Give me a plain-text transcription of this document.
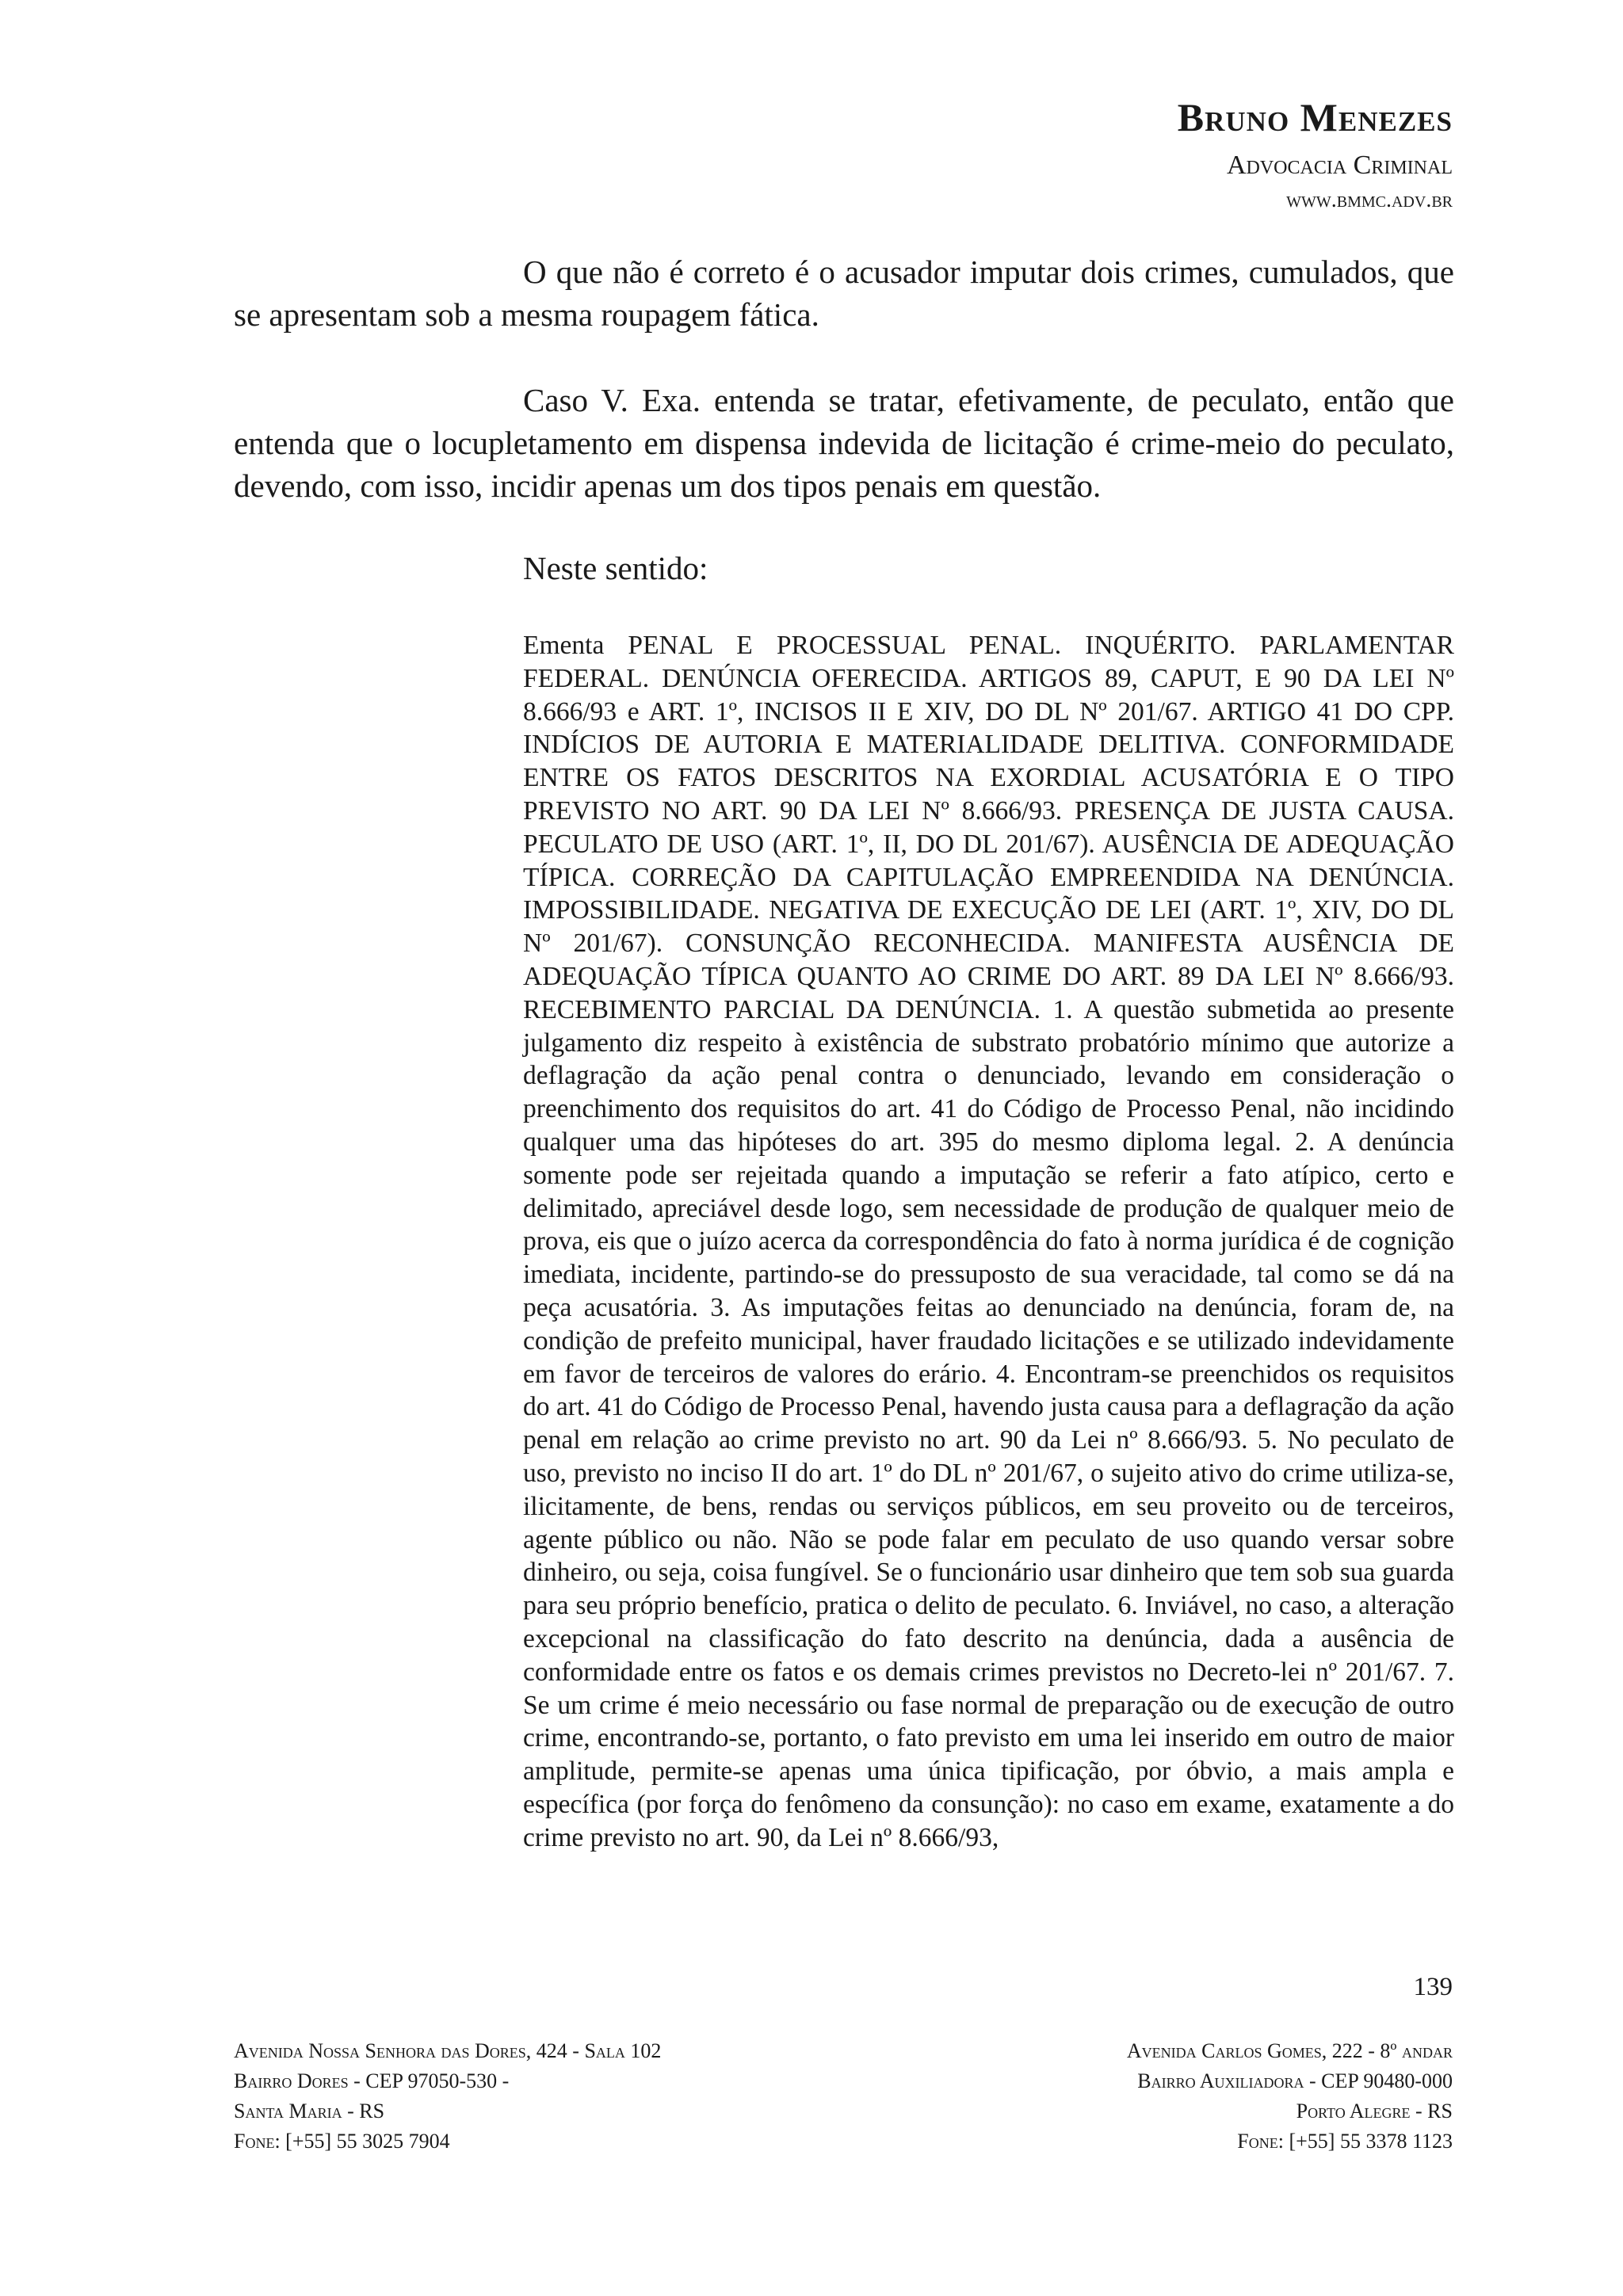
Bruno Menezes
Advocacia Criminal
www.bmmc.adv.br

O que não é correto é o acusador imputar dois crimes, cumulados, que se apresentam sob a mesma roupagem fática.

Caso V. Exa. entenda se tratar, efetivamente, de peculato, então que entenda que o locupletamento em dispensa indevida de licitação é crime-meio do peculato, devendo, com isso, incidir apenas um dos tipos penais em questão.

Neste sentido:

Ementa PENAL E PROCESSUAL PENAL. INQUÉRITO. PARLAMENTAR FEDERAL. DENÚNCIA OFERECIDA. ARTIGOS 89, CAPUT, E 90 DA LEI Nº 8.666/93 e ART. 1º, INCISOS II E XIV, DO DL Nº 201/67. ARTIGO 41 DO CPP. INDÍCIOS DE AUTORIA E MATERIALIDADE DELITIVA. CONFORMIDADE ENTRE OS FATOS DESCRITOS NA EXORDIAL ACUSATÓRIA E O TIPO PREVISTO NO ART. 90 DA LEI Nº 8.666/93. PRESENÇA DE JUSTA CAUSA. PECULATO DE USO (ART. 1º, II, DO DL 201/67). AUSÊNCIA DE ADEQUAÇÃO TÍPICA. CORREÇÃO DA CAPITULAÇÃO EMPREENDIDA NA DENÚNCIA. IMPOSSIBILIDADE. NEGATIVA DE EXECUÇÃO DE LEI (ART. 1º, XIV, DO DL Nº 201/67). CONSUNÇÃO RECONHECIDA. MANIFESTA AUSÊNCIA DE ADEQUAÇÃO TÍPICA QUANTO AO CRIME DO ART. 89 DA LEI Nº 8.666/93. RECEBIMENTO PARCIAL DA DENÚNCIA. 1. A questão submetida ao presente julgamento diz respeito à existência de substrato probatório mínimo que autorize a deflagração da ação penal contra o denunciado, levando em consideração o preenchimento dos requisitos do art. 41 do Código de Processo Penal, não incidindo qualquer uma das hipóteses do art. 395 do mesmo diploma legal. 2. A denúncia somente pode ser rejeitada quando a imputação se referir a fato atípico, certo e delimitado, apreciável desde logo, sem necessidade de produção de qualquer meio de prova, eis que o juízo acerca da correspondência do fato à norma jurídica é de cognição imediata, incidente, partindo-se do pressuposto de sua veracidade, tal como se dá na peça acusatória. 3. As imputações feitas ao denunciado na denúncia, foram de, na condição de prefeito municipal, haver fraudado licitações e se utilizado indevidamente em favor de terceiros de valores do erário. 4. Encontram-se preenchidos os requisitos do art. 41 do Código de Processo Penal, havendo justa causa para a deflagração da ação penal em relação ao crime previsto no art. 90 da Lei nº 8.666/93. 5. No peculato de uso, previsto no inciso II do art. 1º do DL nº 201/67, o sujeito ativo do crime utiliza-se, ilicitamente, de bens, rendas ou serviços públicos, em seu proveito ou de terceiros, agente público ou não. Não se pode falar em peculato de uso quando versar sobre dinheiro, ou seja, coisa fungível. Se o funcionário usar dinheiro que tem sob sua guarda para seu próprio benefício, pratica o delito de peculato. 6. Inviável, no caso, a alteração excepcional na classificação do fato descrito na denúncia, dada a ausência de conformidade entre os fatos e os demais crimes previstos no Decreto-lei nº 201/67. 7. Se um crime é meio necessário ou fase normal de preparação ou de execução de outro crime, encontrando-se, portanto, o fato previsto em uma lei inserido em outro de maior amplitude, permite-se apenas uma única tipificação, por óbvio, a mais ampla e específica (por força do fenômeno da consunção): no caso em exame, exatamente a do crime previsto no art. 90, da Lei nº 8.666/93,

139
Avenida Nossa Senhora das Dores, 424 - Sala 102
Bairro Dores - CEP 97050-530 -
Santa Maria - RS
Fone: [+55] 55 3025 7904
Avenida Carlos Gomes, 222 - 8º andar
Bairro Auxiliadora - CEP 90480-000
Porto Alegre - RS
Fone: [+55] 55 3378 1123
